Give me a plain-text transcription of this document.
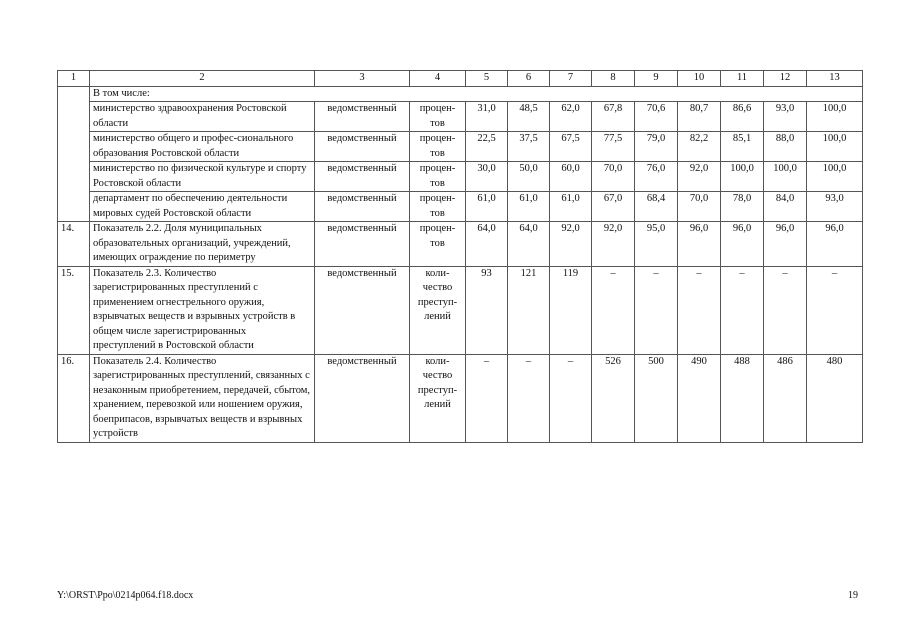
1	2	3	4	5	6	7	8	9	10	11	12	13
	В том числе:											
	министерство здравоохранения Ростовской области	ведомственный	процен-тов	31,0	48,5	62,0	67,8	70,6	80,7	86,6	93,0	100,0
	министерство общего и профес-сионального образования Ростовской области	ведомственный	процен-тов	22,5	37,5	67,5	77,5	79,0	82,2	85,1	88,0	100,0
	министерство по физической культуре и спорту Ростовской области	ведомственный	процен-тов	30,0	50,0	60,0	70,0	76,0	92,0	100,0	100,0	100,0
	департамент по обеспечению деятельности мировых судей Ростовской области	ведомственный	процен-тов	61,0	61,0	61,0	67,0	68,4	70,0	78,0	84,0	93,0
14.	Показатель 2.2. Доля муниципальных образовательных организаций, учреждений, имеющих ограждение по периметру	ведомственный	процен-тов	64,0	64,0	92,0	92,0	95,0	96,0	96,0	96,0	96,0
15.	Показатель 2.3. Количество зарегистрированных преступлений с применением огнестрельного оружия, взрывчатых веществ и взрывных устройств в общем числе зарегистрированных преступлений в Ростовской области	ведомственный	коли-чество преступ-лений	93	121	119	–	–	–	–	–	–
16.	Показатель 2.4. Количество зарегистрированных преступлений, связанных с незаконным приобретением, передачей, сбытом, хранением, перевозкой или ношением оружия, боеприпасов, взрывчатых веществ и взрывных устройств	ведомственный	коли-чество преступ-лений	–	–	–	526	500	490	488	486	480
Y:\ORST\Ppo\0214p064.f18.docx	19
